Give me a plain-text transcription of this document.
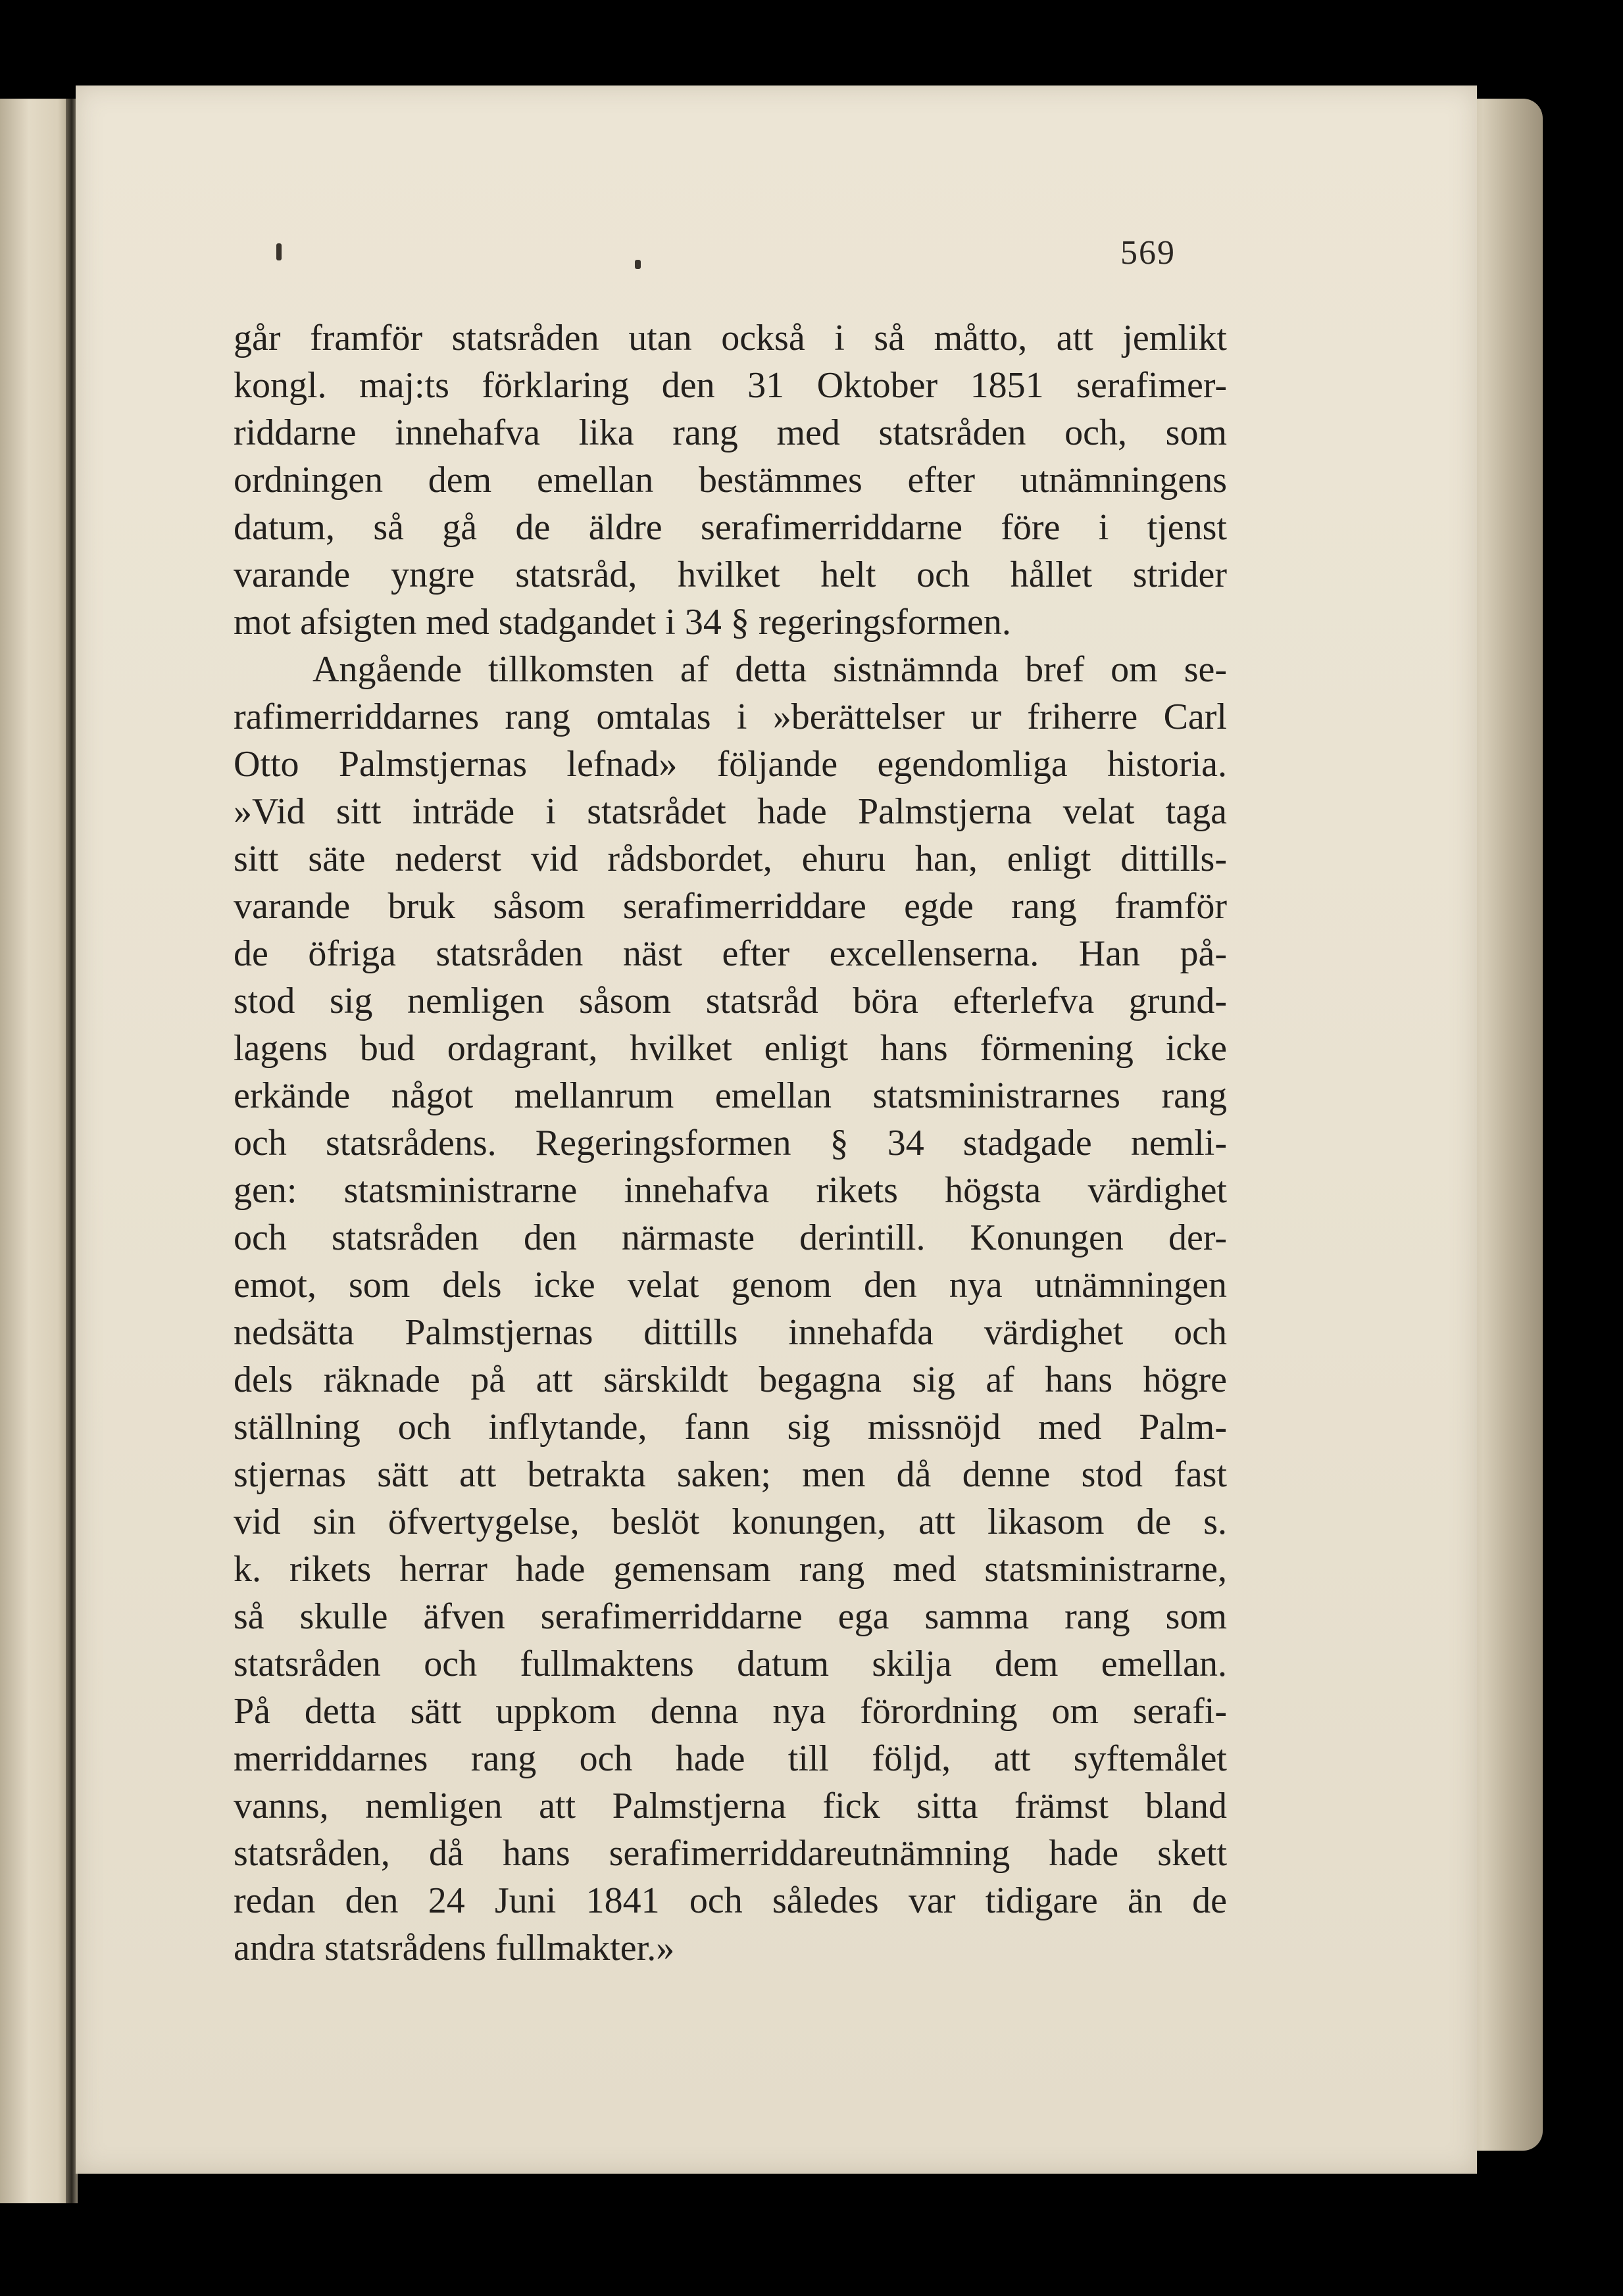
569
går framför statsråden utan också i så måtto, att jemlikt
kongl. maj:ts förklaring den 31 Oktober 1851 serafimer-
riddarne innehafva lika rang med statsråden och, som
ordningen dem emellan bestämmes efter utnämningens
datum, så gå de äldre serafimerriddarne före i tjenst
varande yngre statsråd, hvilket helt och hållet strider
mot afsigten med stadgandet i 34 § regeringsformen.
Angående tillkomsten af detta sistnämnda bref om se-
rafimerriddarnes rang omtalas i »berättelser ur friherre Carl
Otto Palmstjernas lefnad» följande egendomliga historia.
»Vid sitt inträde i statsrådet hade Palmstjerna velat taga
sitt säte nederst vid rådsbordet, ehuru han, enligt dittills-
varande bruk såsom serafimerriddare egde rang framför
de öfriga statsråden näst efter excellenserna. Han på-
stod sig nemligen såsom statsråd böra efterlefva grund-
lagens bud ordagrant, hvilket enligt hans förmening icke
erkände något mellanrum emellan statsministrarnes rang
och statsrådens. Regeringsformen § 34 stadgade nemli-
gen: statsministrarne innehafva rikets högsta värdighet
och statsråden den närmaste derintill. Konungen der-
emot, som dels icke velat genom den nya utnämningen
nedsätta Palmstjernas dittills innehafda värdighet och
dels räknade på att särskildt begagna sig af hans högre
ställning och inflytande, fann sig missnöjd med Palm-
stjernas sätt att betrakta saken; men då denne stod fast
vid sin öfvertygelse, beslöt konungen, att likasom de s.
k. rikets herrar hade gemensam rang med statsministrarne,
så skulle äfven serafimerriddarne ega samma rang som
statsråden och fullmaktens datum skilja dem emellan.
På detta sätt uppkom denna nya förordning om serafi-
merriddarnes rang och hade till följd, att syftemålet
vanns, nemligen att Palmstjerna fick sitta främst bland
statsråden, då hans serafimerriddareutnämning hade skett
redan den 24 Juni 1841 och således var tidigare än de
andra statsrådens fullmakter.»
